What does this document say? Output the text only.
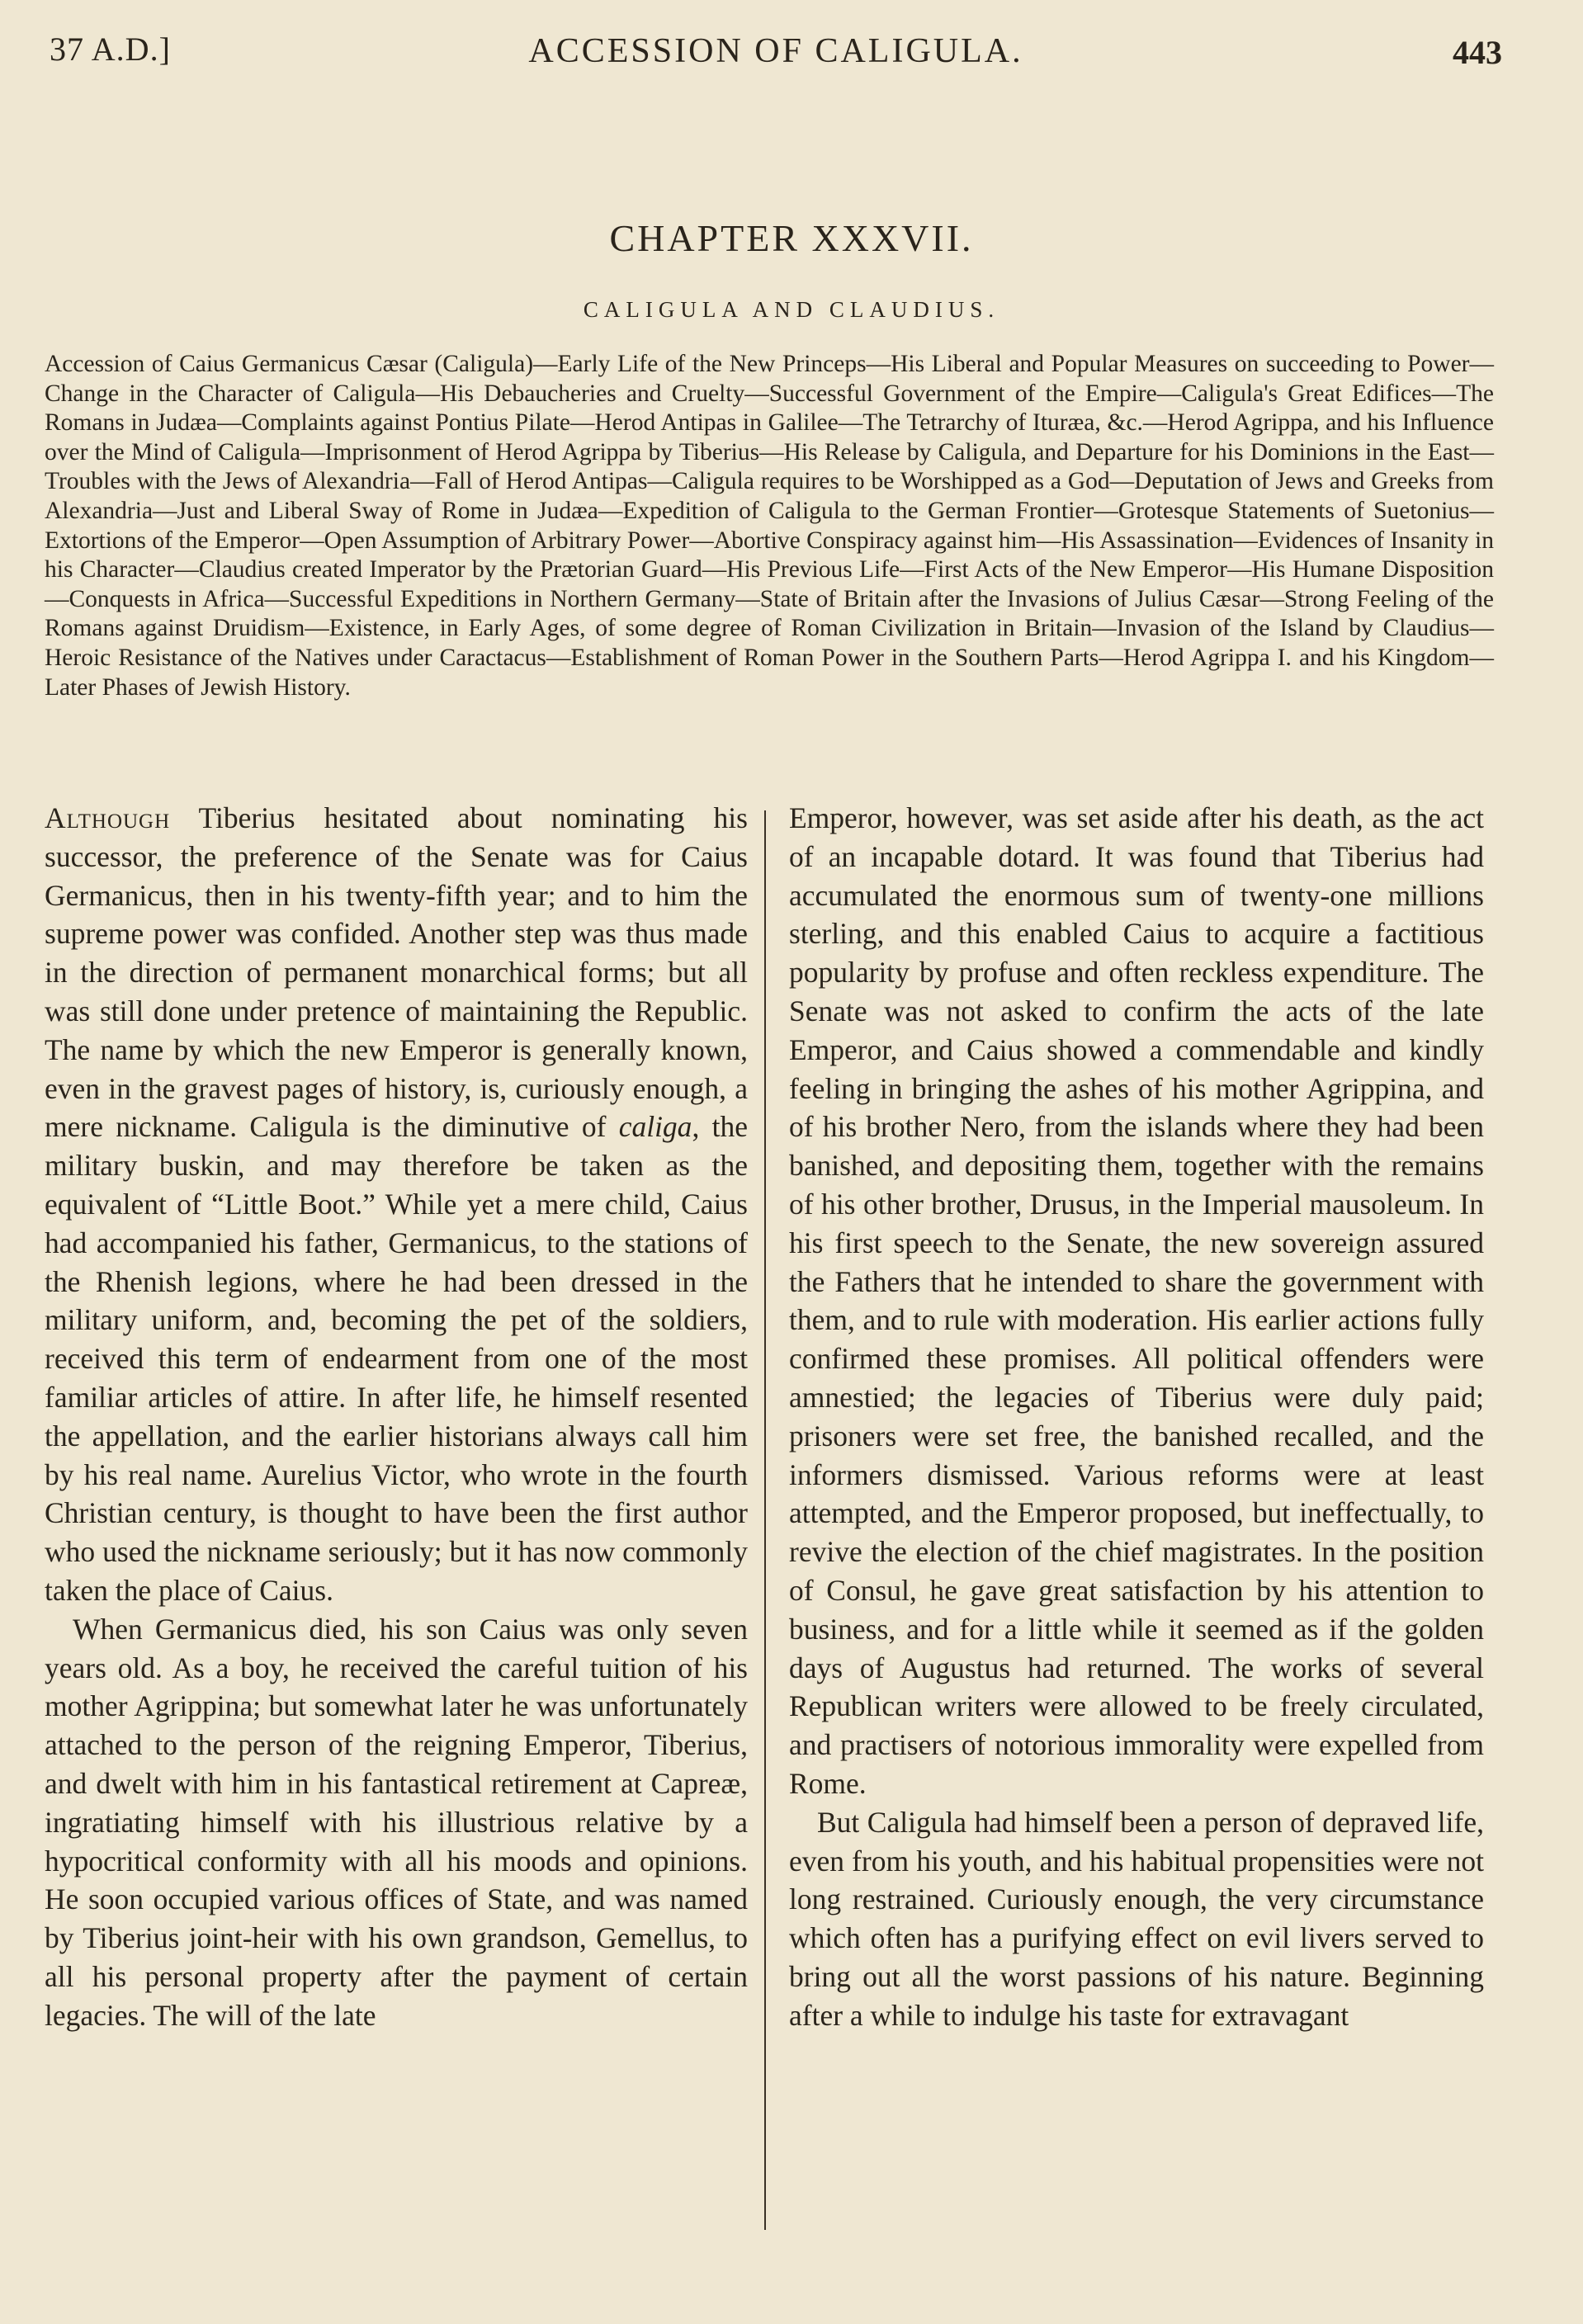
37 A.D.]	ACCESSION OF CALIGULA.	443
CHAPTER XXXVII.
CALIGULA AND CLAUDIUS.
Accession of Caius Germanicus Cæsar (Caligula)—Early Life of the New Princeps—His Liberal and Popular Measures on succeeding to Power—Change in the Character of Caligula—His Debaucheries and Cruelty—Successful Government of the Empire—Caligula's Great Edifices—The Romans in Judæa—Complaints against Pontius Pilate—Herod Antipas in Galilee—The Tetrarchy of Ituræa, &c.—Herod Agrippa, and his Influence over the Mind of Caligula—Imprisonment of Herod Agrippa by Tiberius—His Release by Caligula, and Departure for his Dominions in the East—Troubles with the Jews of Alexandria—Fall of Herod Antipas—Caligula requires to be Worshipped as a God—Deputation of Jews and Greeks from Alexandria—Just and Liberal Sway of Rome in Judæa—Expedition of Caligula to the German Frontier—Grotesque Statements of Suetonius—Extortions of the Emperor—Open Assumption of Arbitrary Power—Abortive Conspiracy against him—His Assassination—Evidences of Insanity in his Character—Claudius created Imperator by the Prætorian Guard—His Previous Life—First Acts of the New Emperor—His Humane Disposition—Conquests in Africa—Successful Expeditions in Northern Germany—State of Britain after the Invasions of Julius Cæsar—Strong Feeling of the Romans against Druidism—Existence, in Early Ages, of some degree of Roman Civilization in Britain—Invasion of the Island by Claudius—Heroic Resistance of the Natives under Caractacus—Establishment of Roman Power in the Southern Parts—Herod Agrippa I. and his Kingdom—Later Phases of Jewish History.

Although Tiberius hesitated about nominating his successor, the preference of the Senate was for Caius Germanicus, then in his twenty-fifth year; and to him the supreme power was confided. Another step was thus made in the direction of permanent monarchical forms; but all was still done under pretence of maintaining the Republic. The name by which the new Emperor is generally known, even in the gravest pages of history, is, curiously enough, a mere nickname. Caligula is the diminutive of caliga, the military buskin, and may therefore be taken as the equivalent of “Little Boot.” While yet a mere child, Caius had accompanied his father, Germanicus, to the stations of the Rhenish legions, where he had been dressed in the military uniform, and, becoming the pet of the soldiers, received this term of endearment from one of the most familiar articles of attire. In after life, he himself resented the appellation, and the earlier historians always call him by his real name. Aurelius Victor, who wrote in the fourth Christian century, is thought to have been the first author who used the nickname seriously; but it has now commonly taken the place of Caius.

When Germanicus died, his son Caius was only seven years old. As a boy, he received the careful tuition of his mother Agrippina; but somewhat later he was unfortunately attached to the person of the reigning Emperor, Tiberius, and dwelt with him in his fantastical retirement at Capreæ, ingratiating himself with his illustrious relative by a hypocritical conformity with all his moods and opinions. He soon occupied various offices of State, and was named by Tiberius joint-heir with his own grandson, Gemellus, to all his personal property after the payment of certain legacies. The will of the late

Emperor, however, was set aside after his death, as the act of an incapable dotard. It was found that Tiberius had accumulated the enormous sum of twenty-one millions sterling, and this enabled Caius to acquire a factitious popularity by profuse and often reckless expenditure. The Senate was not asked to confirm the acts of the late Emperor, and Caius showed a commendable and kindly feeling in bringing the ashes of his mother Agrippina, and of his brother Nero, from the islands where they had been banished, and depositing them, together with the remains of his other brother, Drusus, in the Imperial mausoleum. In his first speech to the Senate, the new sovereign assured the Fathers that he intended to share the government with them, and to rule with moderation. His earlier actions fully confirmed these promises. All political offenders were amnestied; the legacies of Tiberius were duly paid; prisoners were set free, the banished recalled, and the informers dismissed. Various reforms were at least attempted, and the Emperor proposed, but ineffectually, to revive the election of the chief magistrates. In the position of Consul, he gave great satisfaction by his attention to business, and for a little while it seemed as if the golden days of Augustus had returned. The works of several Republican writers were allowed to be freely circulated, and practisers of notorious immorality were expelled from Rome.

But Caligula had himself been a person of depraved life, even from his youth, and his habitual propensities were not long restrained. Curiously enough, the very circumstance which often has a purifying effect on evil livers served to bring out all the worst passions of his nature. Beginning after a while to indulge his taste for extravagant
